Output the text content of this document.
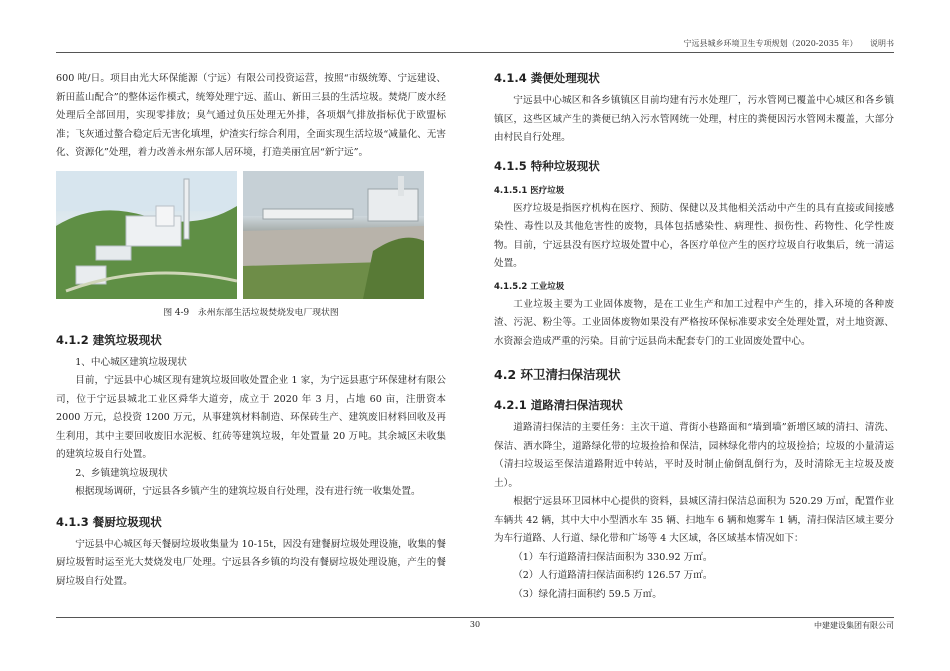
宁远县城乡环境卫生专项规划（2020-2035 年） 说明书

600 吨/日。项目由光大环保能源（宁远）有限公司投资运营，按照“市级统筹、宁远建设、新田蓝山配合”的整体运作模式，统筹处理宁远、蓝山、新田三县的生活垃圾。焚烧厂废水经处理后全部回用，实现零排放；臭气通过负压处理无外排，各项烟气排放指标优于欧盟标准；飞灰通过螯合稳定后无害化填埋，炉渣实行综合利用，全面实现生活垃圾“减量化、无害化、资源化”处理，着力改善永州东部人居环境，打造美丽宜居“新宁远”。

图 4-9　永州东部生活垃圾焚烧发电厂现状图
4.1.2 建筑垃圾现状

1、中心城区建筑垃圾现状

目前，宁远县中心城区现有建筑垃圾回收处置企业 1 家，为宁远县惠宁环保建材有限公司，位于宁远县城北工业区舜华大道旁，成立于 2020 年 3 月，占地 60 亩，注册资本 2000 万元，总投资 1200 万元，从事建筑材料制造、环保砖生产、建筑废旧材料回收及再生利用，其中主要回收废旧水泥板、红砖等建筑垃圾，年处置量 20 万吨。其余城区未收集的建筑垃圾自行处置。

2、乡镇建筑垃圾现状

根据现场调研，宁远县各乡镇产生的建筑垃圾自行处理，没有进行统一收集处置。

4.1.3 餐厨垃圾现状

宁远县中心城区每天餐厨垃圾收集量为 10-15t，因没有建餐厨垃圾处理设施，收集的餐厨垃圾暂时运至光大焚烧发电厂处理。宁远县各乡镇的均没有餐厨垃圾处理设施，产生的餐厨垃圾自行处置。

4.1.4 粪便处理现状

宁远县中心城区和各乡镇镇区目前均建有污水处理厂，污水管网已覆盖中心城区和各乡镇镇区，这些区域产生的粪便已纳入污水管网统一处理，村庄的粪便因污水管网未覆盖，大部分由村民自行处理。

4.1.5 特种垃圾现状
4.1.5.1 医疗垃圾

医疗垃圾是指医疗机构在医疗、预防、保健以及其他相关活动中产生的具有直接或间接感染性、毒性以及其他危害性的废物，具体包括感染性、病理性、损伤性、药物性、化学性废物。目前，宁远县没有医疗垃圾处置中心，各医疗单位产生的医疗垃圾自行收集后，统一清运处置。

4.1.5.2 工业垃圾

工业垃圾主要为工业固体废物，是在工业生产和加工过程中产生的，排入环境的各种废渣、污泥、粉尘等。工业固体废物如果没有严格按环保标准要求安全处理处置，对土地资源、水资源会造成严重的污染。目前宁远县尚未配套专门的工业固废处置中心。

4.2 环卫清扫保洁现状
4.2.1 道路清扫保洁现状

道路清扫保洁的主要任务：主次干道、背街小巷路面和“墙到墙”新增区域的清扫、清洗、保洁、洒水降尘，道路绿化带的垃圾捡拾和保洁，园林绿化带内的垃圾捡拾；垃圾的小量清运（清扫垃圾运至保洁道路附近中转站，平时及时制止偷倒乱倒行为，及时清除无主垃圾及废土）。

根据宁远县环卫园林中心提供的资料，县城区清扫保洁总面积为 520.29 万㎡，配置作业车辆共 42 辆，其中大中小型洒水车 35 辆、扫地车 6 辆和炮雾车 1 辆，清扫保洁区域主要分为车行道路、人行道、绿化带和广场等 4 大区域，各区域基本情况如下：

（1）车行道路清扫保洁面积为 330.92 万㎡。

（2）人行道路清扫保洁面积约 126.57 万㎡。

（3）绿化清扫面积约 59.5 万㎡。

30	中建建设集团有限公司
